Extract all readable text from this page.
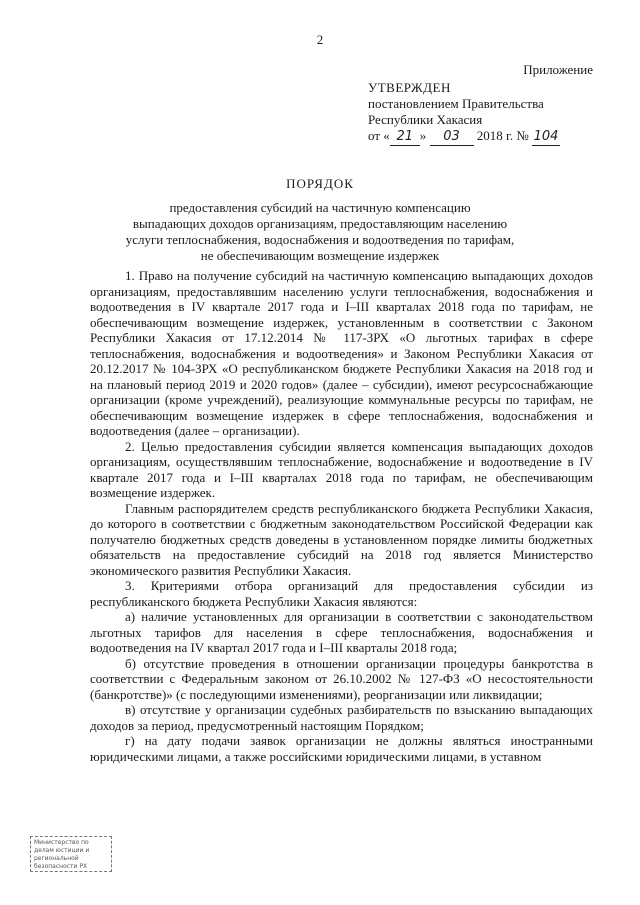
2
Приложение
УТВЕРЖДЕН
постановлением Правительства
Республики Хакасия
от « 21 » 03 2018 г. № 104
ПОРЯДОК
предоставления субсидий на частичную компенсацию
выпадающих доходов организациям, предоставляющим населению
услуги теплоснабжения, водоснабжения и водоотведения по тарифам,
не обеспечивающим возмещение издержек

1. Право на получение субсидий на частичную компенсацию выпадающих доходов организациям, предоставлявшим населению услуги теплоснабжения, водоснабжения и водоотведения в IV квартале 2017 года и I–III кварталах 2018 года по тарифам, не обеспечивающим возмещение издержек, установленным в соответствии с Законом Республики Хакасия от 17.12.2014 № 117-ЗРХ «О льготных тарифах в сфере теплоснабжения, водоснабжения и водоотведения» и Законом Республики Хакасия от 20.12.2017 № 104-ЗРХ «О республиканском бюджете Республики Хакасия на 2018 год и на плановый период 2019 и 2020 годов» (далее – субсидии), имеют ресурсоснабжающие организации (кроме учреждений), реализующие коммунальные ресурсы по тарифам, не обеспечивающим возмещение издержек в сфере теплоснабжения, водоснабжения и водоотведения (далее – организации).

2. Целью предоставления субсидии является компенсация выпадающих доходов организациям, осуществлявшим теплоснабжение, водоснабжение и водоотведение в IV квартале 2017 года и I–III кварталах 2018 года по тарифам, не обеспечивающим возмещение издержек.

Главным распорядителем средств республиканского бюджета Республики Хакасия, до которого в соответствии с бюджетным законодательством Российской Федерации как получателю бюджетных средств доведены в установленном порядке лимиты бюджетных обязательств на предоставление субсидий на 2018 год является Министерство экономического развития Республики Хакасия.

3. Критериями отбора организаций для предоставления субсидии из республиканского бюджета Республики Хакасия являются:

а) наличие установленных для организации в соответствии с законодательством льготных тарифов для населения в сфере теплоснабжения, водоснабжения и водоотведения на IV квартал 2017 года и I–III кварталы 2018 года;

б) отсутствие проведения в отношении организации процедуры банкротства в соответствии с Федеральным законом от 26.10.2002 № 127-ФЗ «О несостоятельности (банкротстве)» (с последующими изменениями), реорганизации или ликвидации;

в) отсутствие у организации судебных разбирательств по взысканию выпадающих доходов за период, предусмотренный настоящим Порядком;

г) на дату подачи заявок организации не должны являться иностранными юридическими лицами, а также российскими юридическими лицами, в уставном

Министерство по делам юстиции и региональной безопасности РХ
